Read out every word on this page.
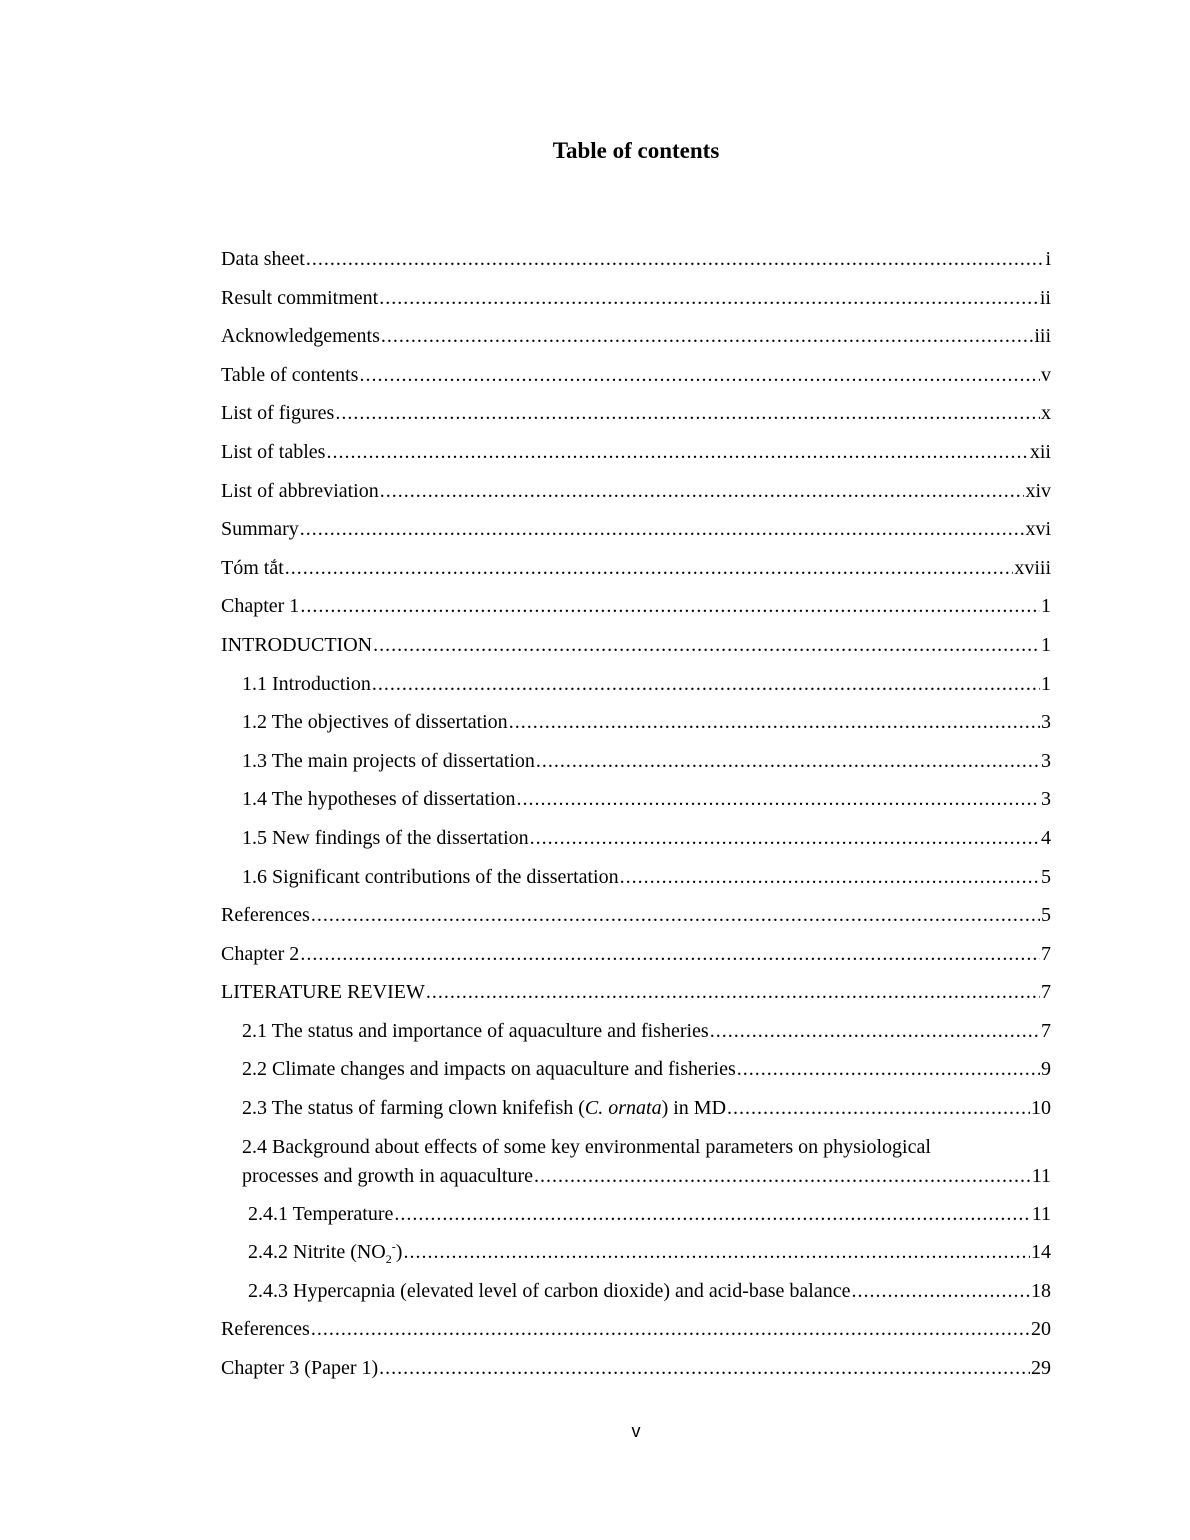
Table of contents
Data sheet .....	i
Result commitment .....	ii
Acknowledgements .....	iii
Table of contents .....	v
List of figures .....	x
List of tables .....	xii
List of abbreviation .....	xiv
Summary .....	xvi
Tóm tắt .....	xviii
Chapter 1 .....	1
INTRODUCTION .....	1
1.1 Introduction .....	1
1.2 The objectives of dissertation .....	3
1.3 The main projects of dissertation .....	3
1.4 The hypotheses of dissertation .....	3
1.5 New findings of the dissertation .....	4
1.6 Significant contributions of the dissertation .....	5
References .....	5
Chapter 2 .....	7
LITERATURE REVIEW .....	7
2.1 The status and importance of aquaculture and fisheries .....	7
2.2 Climate changes and impacts on aquaculture and fisheries .....	9
2.3 The status of farming clown knifefish (C. ornata) in MD .....	10
2.4 Background about effects of some key environmental parameters on physiological
processes and growth in aquaculture .....	11
2.4.1 Temperature .....	11
2.4.2 Nitrite $(NO_2^-)$ .....	14
2.4.3 Hypercapnia (elevated level of carbon dioxide) and acid-base balance .....	18
References .....	20
Chapter 3 (Paper 1) .....	29
v
